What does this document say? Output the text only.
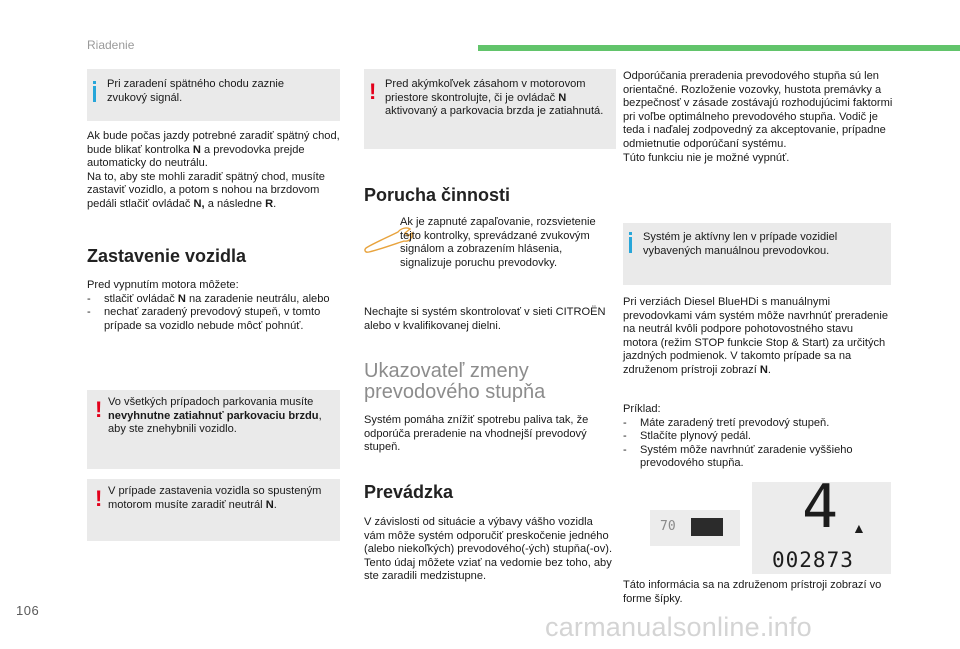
Riadenie
Pri zaradení spätného chodu zaznie zvukový signál.

Ak bude počas jazdy potrebné zaradiť spätný chod, bude blikať kontrolka N a prevodovka prejde automaticky do neutrálu.

Na to, aby ste mohli zaradiť spätný chod, musíte zastaviť vozidlo, a potom s nohou na brzdovom pedáli stlačiť ovládač N, a následne R.

Zastavenie vozidla

Pred vypnutím motora môžete:

- stlačiť ovládač N na zaradenie neutrálu, alebo
- nechať zaradený prevodový stupeň, v tomto prípade sa vozidlo nebude môcť pohnúť.
! Vo všetkých prípadoch parkovania musíte nevyhnutne zatiahnuť parkovaciu brzdu, aby ste znehybnili vozidlo.
! V prípade zastavenia vozidla so spusteným motorom musíte zaradiť neutrál N.
! Pred akýmkoľvek zásahom v motorovom priestore skontrolujte, či je ovládač N aktivovaný a parkovacia brzda je zatiahnutá.
Porucha činnosti
Ak je zapnuté zapaľovanie, rozsvietenie tejto kontrolky, sprevádzané zvukovým signálom a zobrazením hlásenia, signalizuje poruchu prevodovky.
Nechajte si systém skontrolovať v sieti CITROËN alebo v kvalifikovanej dielni.
Ukazovateľ zmeny
prevodového stupňa
Systém pomáha znížiť spotrebu paliva tak, že odporúča preradenie na vhodnejší prevodový stupeň.
Prevádzka
V závislosti od situácie a výbavy vášho vozidla vám môže systém odporučiť preskočenie jedného (alebo niekoľkých) prevodového(-ých) stupňa(-ov). Tento údaj môžete vziať na vedomie bez toho, aby ste zaradili medzistupne.

Odporúčania preradenia prevodového stupňa sú len orientačné. Rozloženie vozovky, hustota premávky a bezpečnosť v zásade zostávajú rozhodujúcimi faktormi pri voľbe optimálneho prevodového stupňa. Vodič je teda i naďalej zodpovedný za akceptovanie, prípadne odmietnutie odporúčaní systému.

Túto funkciu nie je možné vypnúť.

Systém je aktívny len v prípade vozidiel vybavených manuálnou prevodovkou.
Pri verziách Diesel BlueHDi s manuálnymi prevodovkami vám systém môže navrhnúť preradenie na neutrál kvôli podpore pohotovostného stavu motora (režim STOP funkcie Stop & Start) za určitých jazdných podmienok. V takomto prípade sa na združenom prístroji zobrazí N.

Príklad:

- Máte zaradený tretí prevodový stupeň.
- Stlačíte plynový pedál.
- Systém môže navrhnúť zaradenie vyššieho prevodového stupňa.
70 4 ▲
002873
Táto informácia sa na združenom prístroji zobrazí vo forme šípky.
106
carmanualsonline.info
